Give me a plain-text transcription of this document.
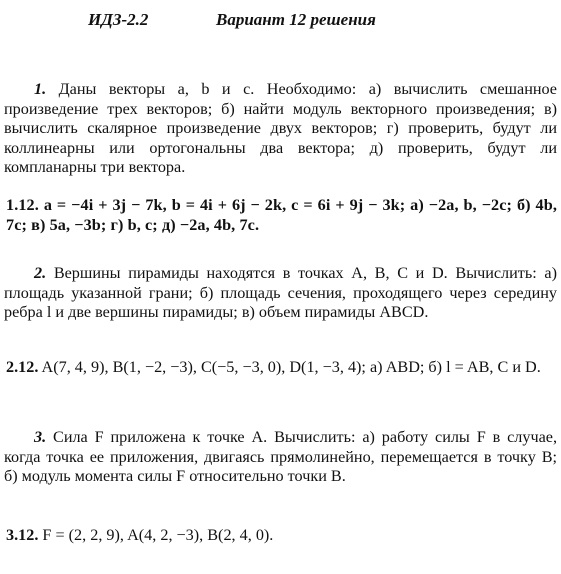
ИДЗ-2.2	Вариант 12 решения

1. Даны векторы a, b и c. Необходимо: а) вычислить смешанное произведение трех векторов; б) найти модуль векторного произведения; в) вычислить скалярное произведение двух векторов; г) проверить, будут ли коллинеарны или ортогональны два вектора; д) проверить, будут ли компланарны три вектора.

1.12. a = −4i + 3j − 7k, b = 4i + 6j − 2k, c = 6i + 9j − 3k; а) −2a, b, −2c; б) 4b, 7c; в) 5a, −3b; г) b, c; д) −2a, 4b, 7c.

2. Вершины пирамиды находятся в точках A, B, C и D. Вычислить: а) площадь указанной грани; б) площадь сечения, проходящего через середину ребра l и две вершины пирамиды; в) объем пирамиды ABCD.

2.12. A(7, 4, 9), B(1, −2, −3), C(−5, −3, 0), D(1, −3, 4); а) ABD; б) l = AB, C и D.

3. Сила F приложена к точке A. Вычислить: а) работу силы F в случае, когда точка ее приложения, двигаясь прямолинейно, перемещается в точку B; б) модуль момента силы F относительно точки B.

3.12. F = (2, 2, 9), A(4, 2, −3), B(2, 4, 0).
